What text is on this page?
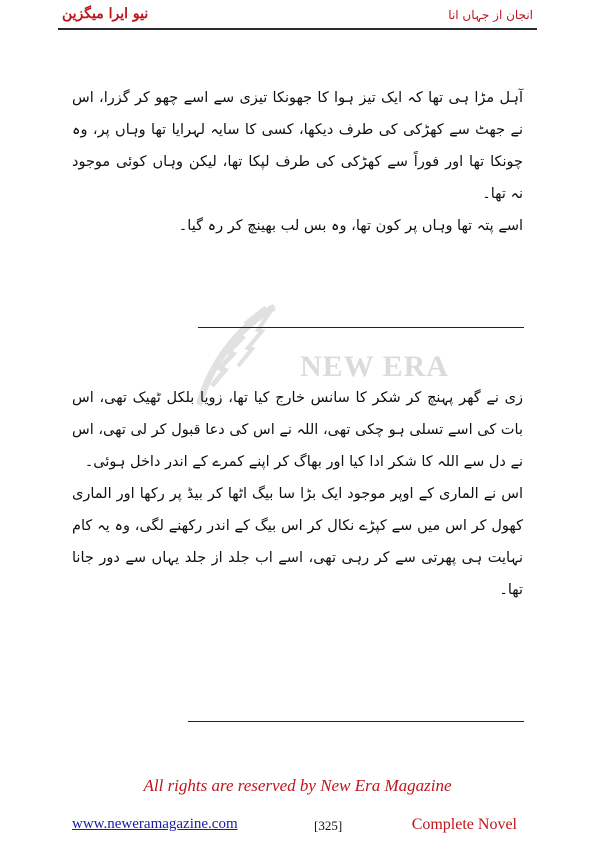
نیو ایرا میگزین	انجان از جہاں انا
NEW ERA

آہل مڑا ہی تھا کہ ایک تیز ہوا کا جھونکا تیزی سے اسے چھو کر گزرا، اس نے جھٹ سے کھڑکی کی طرف دیکھا، کسی کا سایہ لہرایا تھا وہاں پر، وہ چونکا تھا اور فوراً سے کھڑکی کی طرف لپکا تھا، لیکن وہاں کوئی موجود نہ تھا۔

اسے پتہ تھا وہاں پر کون تھا، وہ بس لب بھینچ کر رہ گیا۔

زی نے گھر پہنچ کر شکر کا سانس خارج کیا تھا، زویا بلکل ٹھیک تھی، اس بات کی اسے تسلی ہو چکی تھی، اللہ نے اس کی دعا قبول کر لی تھی، اس نے دل سے اللہ کا شکر ادا کیا اور بھاگ کر اپنے کمرے کے اندر داخل ہوئی۔

اس نے الماری کے اوپر موجود ایک بڑا سا بیگ اٹھا کر بیڈ پر رکھا اور الماری کھول کر اس میں سے کپڑے نکال کر اس بیگ کے اندر رکھنے لگی، وہ یہ کام نہایت ہی پھرتی سے کر رہی تھی، اسے اب جلد از جلد یہاں سے دور جانا تھا۔

All rights are reserved by New Era Magazine
www.neweramagazine.com	[325]	Complete Novel
